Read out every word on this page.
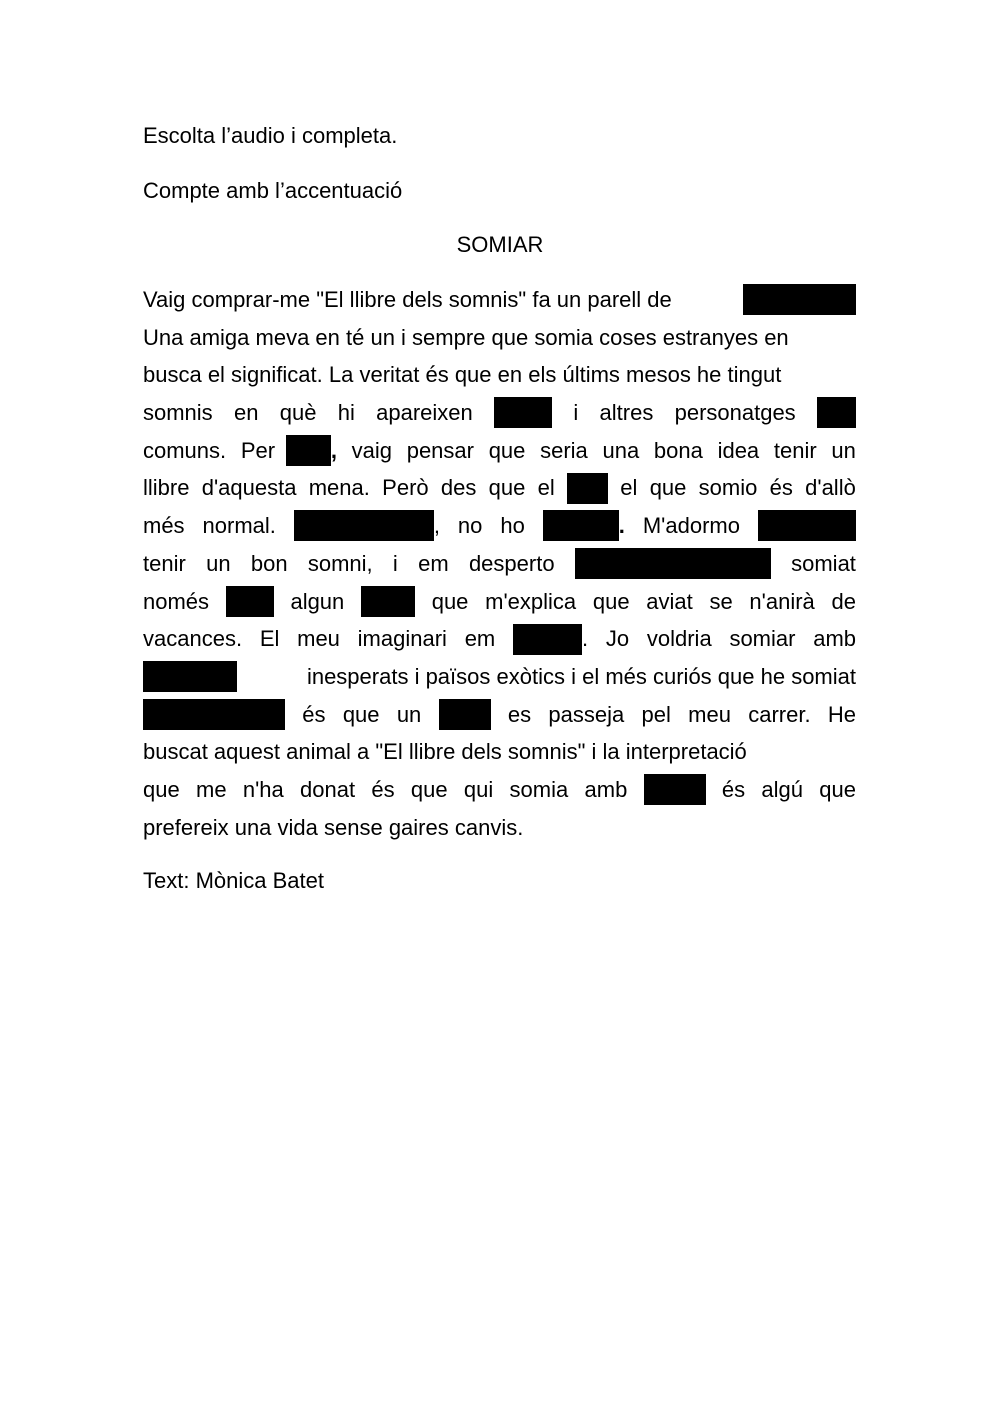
Escolta l’audio i completa.
Compte amb l’accentuació
SOMIAR
Vaig comprar-me "El llibre dels somnis" fa un parell de
Una amiga meva en té un i sempre que somia coses estranyes en
busca el significat. La veritat és que en els últims mesos he tingut
somnis en què hi apareixen	i altres personatges
comuns. Per	, vaig pensar que seria una bona idea tenir un
llibre d'aquesta mena. Però des que el	el que somio és d'allò
més normal.	, no ho	. M'adormo
tenir un bon somni, i em desperto	somiat
només	algun	que m'explica que aviat se n'anirà de
vacances. El meu imaginari em	. Jo voldria somiar amb
inesperats i països exòtics i el més curiós que he somiat
és que un	es passeja pel meu carrer. He
buscat aquest animal a "El llibre dels somnis" i la interpretació
que me n'ha donat és que qui somia amb	és algú que
prefereix una vida sense gaires canvis.
Text: Mònica Batet
